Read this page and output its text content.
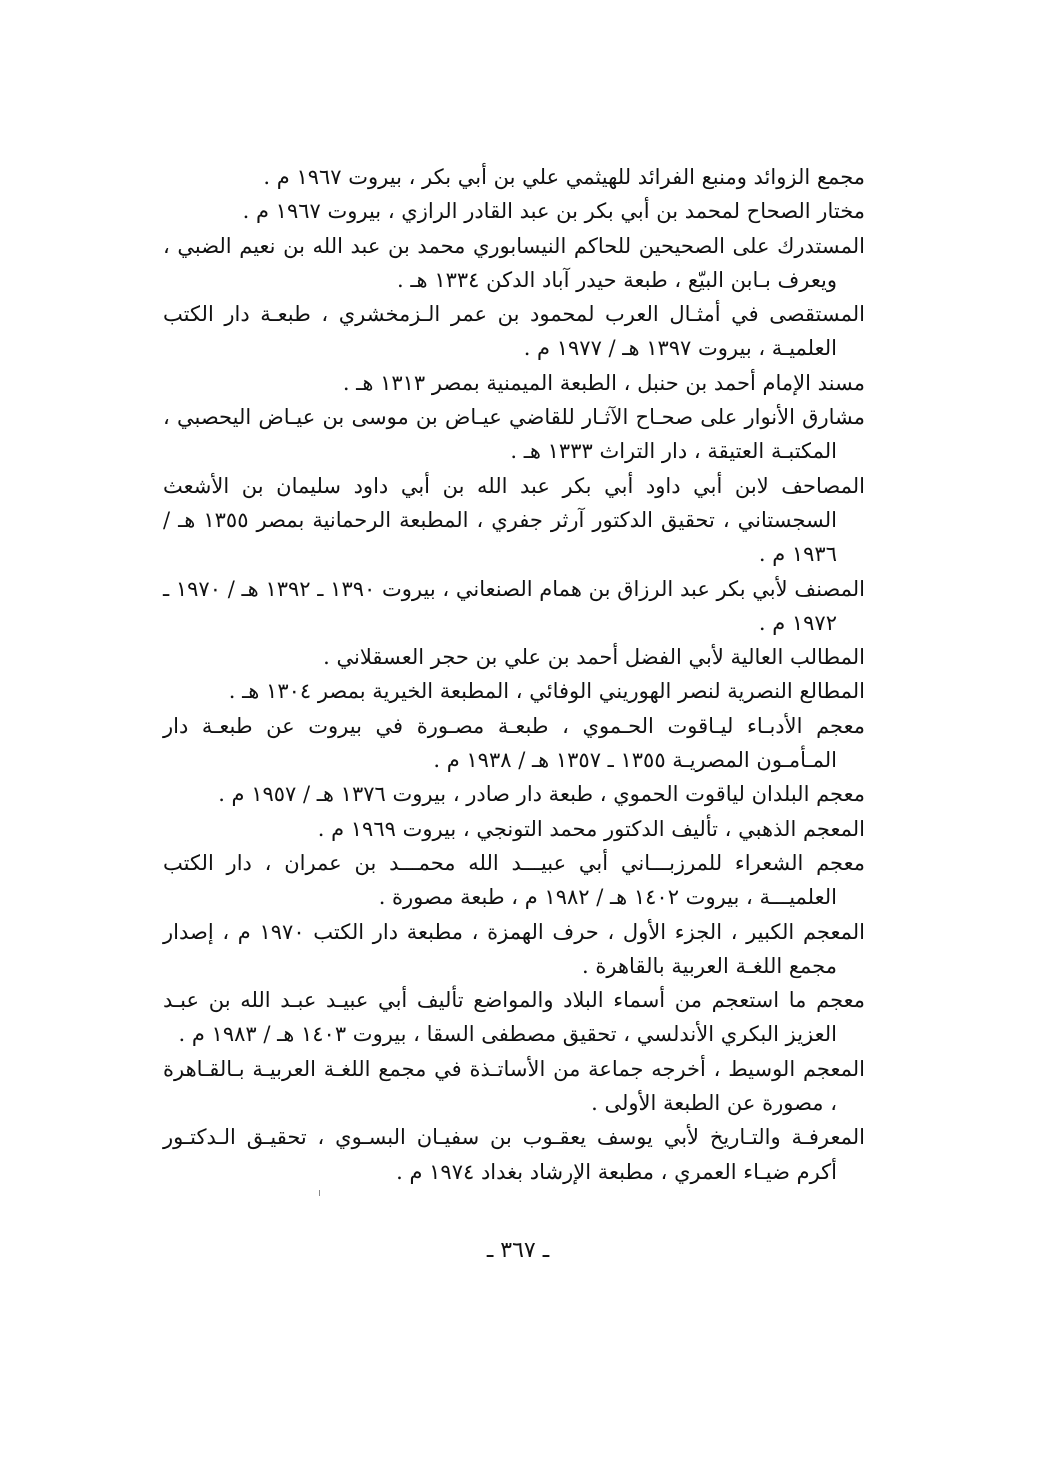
مجمع الزوائد ومنبع الفرائد للهيثمي علي بن أبي بكر ، بيروت ١٩٦٧ م .
مختار الصحاح لمحمد بن أبي بكر بن عبد القادر الرازي ، بيروت ١٩٦٧ م .
المستدرك على الصحيحين للحاكم النيسابوري محمد بن عبد الله بن نعيم الضبي ، ويعرف بـابن البيّع ، طبعة حيدر آباد الدكن ١٣٣٤ هـ .
المستقصى في أمثـال العرب لمحمود بن عمر الـزمخشري ، طبعـة دار الكتب العلميـة ، بيروت ١٣٩٧ هـ / ١٩٧٧ م .
مسند الإمام أحمد بن حنبل ، الطبعة الميمنية بمصر ١٣١٣ هـ .
مشارق الأنوار على صحـاح الآثـار للقاضي عيـاض بن موسى بن عيـاض اليحصبي ، المكتبـة العتيقة ، دار التراث ١٣٣٣ هـ .
المصاحف لابن أبي داود أبي بكر عبد الله بن أبي داود سليمان بن الأشعث السجستاني ، تحقيق الدكتور آرثر جفري ، المطبعة الرحمانية بمصر ١٣٥٥ هـ / ١٩٣٦ م .
المصنف لأبي بكر عبد الرزاق بن همام الصنعاني ، بيروت ١٣٩٠ ـ ١٣٩٢ هـ / ١٩٧٠ ـ ١٩٧٢ م .
المطالب العالية لأبي الفضل أحمد بن علي بن حجر العسقلاني .
المطالع النصرية لنصر الهوريني الوفائي ، المطبعة الخيرية بمصر ١٣٠٤ هـ .
معجم الأدبـاء ليـاقوت الحـموي ، طبعـة مصـورة في بيروت عن طبعـة دار المـأمـون المصريـة ١٣٥٥ ـ ١٣٥٧ هـ / ١٩٣٨ م .
معجم البلدان لياقوت الحموي ، طبعة دار صادر ، بيروت ١٣٧٦ هـ / ١٩٥٧ م .
المعجم الذهبي ، تأليف الدكتور محمد التونجي ، بيروت ١٩٦٩ م .
معجم الشعراء للمرزبـــاني أبي عبيـــد الله محمـــد بن عمران ، دار الكتب العلميـــة ، بيروت ١٤٠٢ هـ / ١٩٨٢ م ، طبعة مصورة .
المعجم الكبير ، الجزء الأول ، حرف الهمزة ، مطبعة دار الكتب ١٩٧٠ م ، إصدار مجمع اللغـة العربية بالقاهرة .
معجم ما استعجم من أسماء البلاد والمواضع تأليف أبي عبيـد عبـد الله بن عبـد العزيز البكري الأندلسي ، تحقيق مصطفى السقا ، بيروت ١٤٠٣ هـ / ١٩٨٣ م .
المعجم الوسيط ، أخرجه جماعة من الأساتـذة في مجمع اللغـة العربيـة بـالقـاهرة ، مصورة عن الطبعة الأولى .
المعرفـة والتـاريخ لأبي يوسف يعقـوب بن سفيـان البسـوي ، تحقيـق الـدكتـور أكرم ضيـاء العمري ، مطبعة الإرشاد بغداد ١٩٧٤ م .
ـ ٣٦٧ ـ
